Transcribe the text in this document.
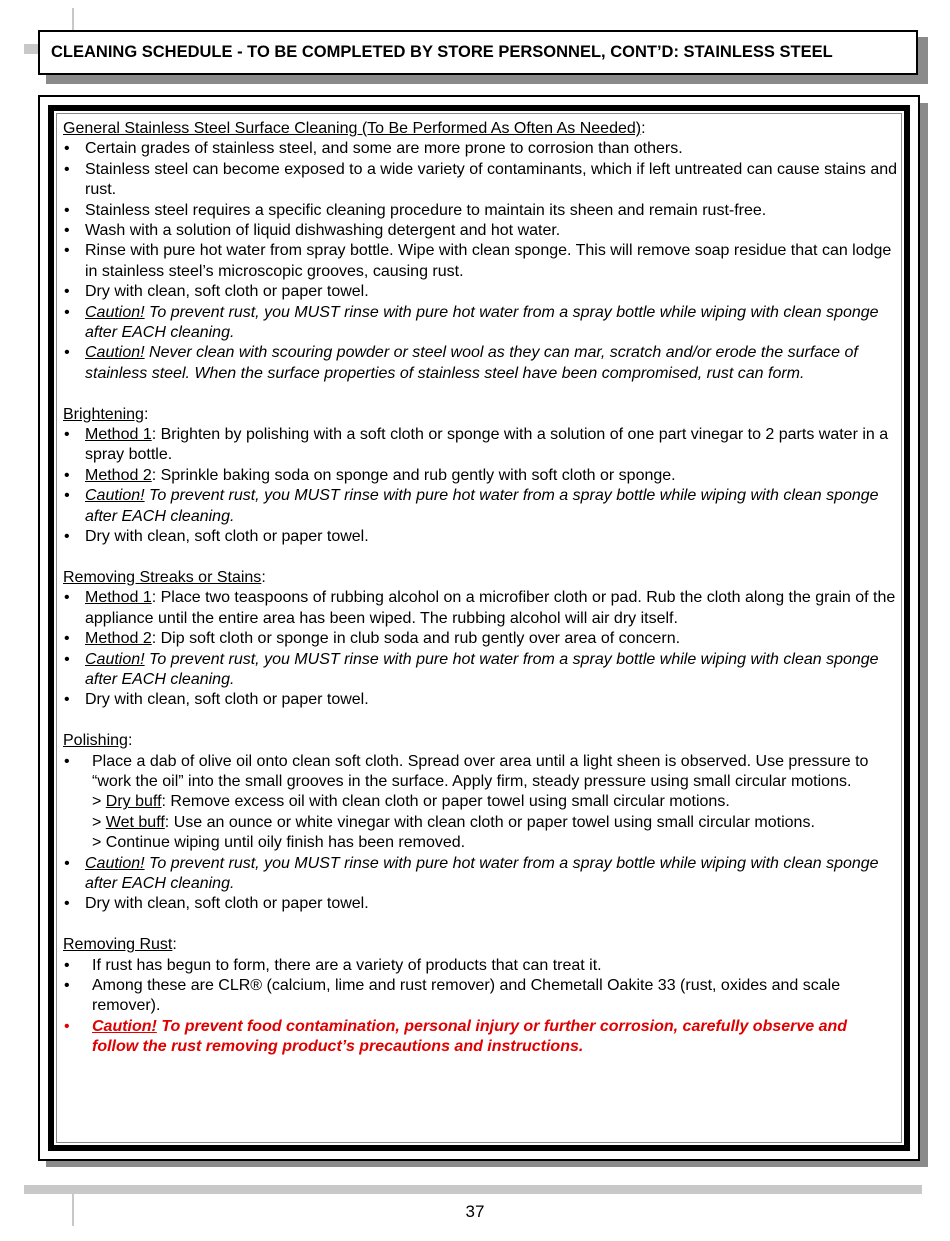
CLEANING SCHEDULE - TO BE COMPLETED BY STORE PERSONNEL, CONT’D: STAINLESS STEEL
General Stainless Steel Surface Cleaning (To Be Performed As Often As Needed):
• Certain grades of stainless steel, and some are more prone to corrosion than others.
• Stainless steel can become exposed to a wide variety of contaminants, which if left untreated can cause stains and rust.
• Stainless steel requires a specific cleaning procedure to maintain its sheen and remain rust-free.
• Wash with a solution of liquid dishwashing detergent and hot water.
• Rinse with pure hot water from spray bottle. Wipe with clean sponge. This will remove soap residue that can lodge in stainless steel’s microscopic grooves, causing rust.
• Dry with clean, soft cloth or paper towel.
• Caution! To prevent rust, you MUST rinse with pure hot water from a spray bottle while wiping with clean sponge after EACH cleaning.
• Caution! Never clean with scouring powder or steel wool as they can mar, scratch and/or erode the surface of stainless steel. When the surface properties of stainless steel have been compromised, rust can form.
Brightening:
• Method 1: Brighten by polishing with a soft cloth or sponge with a solution of one part vinegar to 2 parts water in a spray bottle.
• Method 2: Sprinkle baking soda on sponge and rub gently with soft cloth or sponge.
• Caution! To prevent rust, you MUST rinse with pure hot water from a spray bottle while wiping with clean sponge after EACH cleaning.
• Dry with clean, soft cloth or paper towel.
Removing Streaks or Stains:
• Method 1: Place two teaspoons of rubbing alcohol on a microfiber cloth or pad. Rub the cloth along the grain of the appliance until the entire area has been wiped. The rubbing alcohol will air dry itself.
• Method 2: Dip soft cloth or sponge in club soda and rub gently over area of concern.
• Caution! To prevent rust, you MUST rinse with pure hot water from a spray bottle while wiping with clean sponge after EACH cleaning.
• Dry with clean, soft cloth or paper towel.
Polishing:
• Place a dab of olive oil onto clean soft cloth. Spread over area until a light sheen is observed. Use pressure to “work the oil” into the small grooves in the surface. Apply firm, steady pressure using small circular motions.
> Dry buff: Remove excess oil with clean cloth or paper towel using small circular motions.
> Wet buff: Use an ounce or white vinegar with clean cloth or paper towel using small circular motions.
> Continue wiping until oily finish has been removed.
• Caution! To prevent rust, you MUST rinse with pure hot water from a spray bottle while wiping with clean sponge after EACH cleaning.
• Dry with clean, soft cloth or paper towel.
Removing Rust:
• If rust has begun to form, there are a variety of products that can treat it.
• Among these are CLR® (calcium, lime and rust remover) and Chemetall Oakite 33 (rust, oxides and scale remover).
• Caution! To prevent food contamination, personal injury or further corrosion, carefully observe and follow the rust removing product’s precautions and instructions.
37
